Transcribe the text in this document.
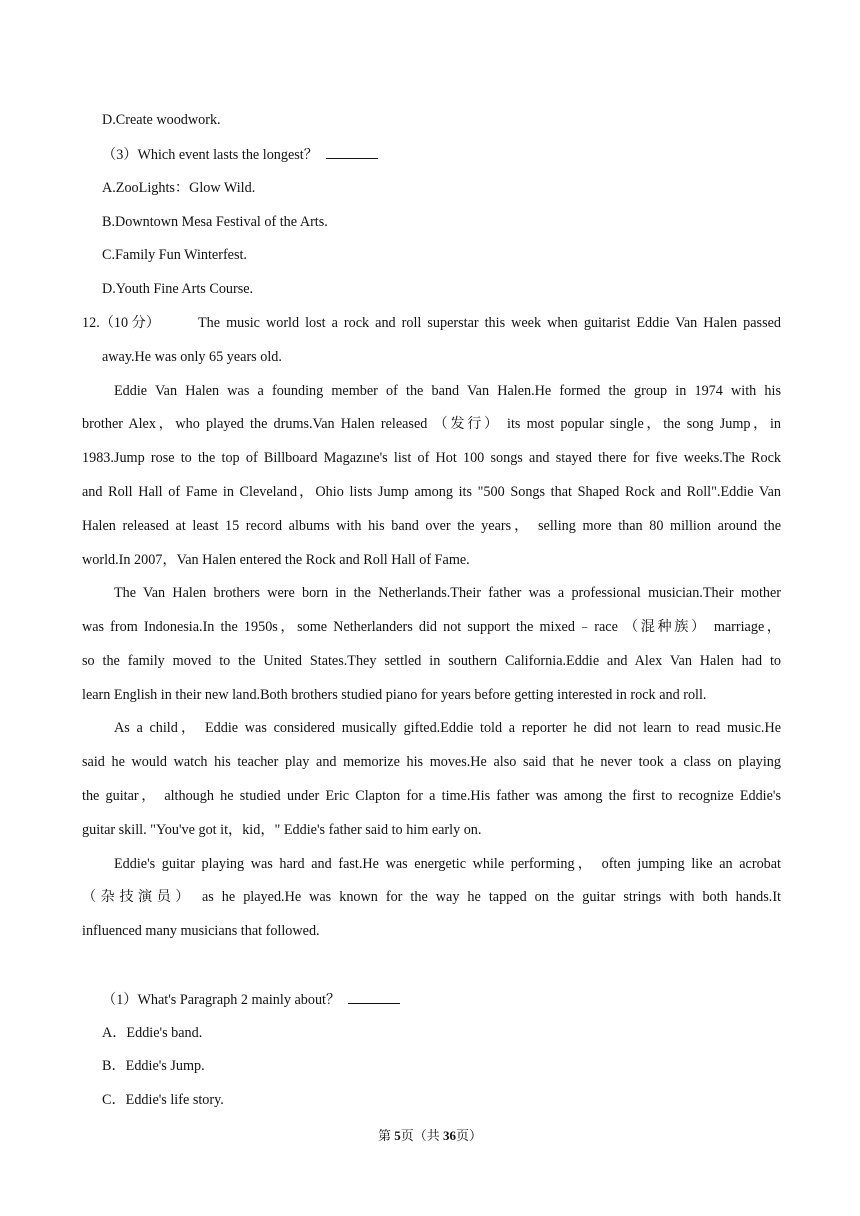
D.Create woodwork.
（3）Which event lasts the longest？
A.ZooLights：Glow Wild.
B.Downtown Mesa Festival of the Arts.
C.Family Fun Winterfest.
D.Youth Fine Arts Course.
12.（10 分）	The music world lost a rock and roll superstar this week when guitarist Eddie Van Halen passed
away.He was only 65 years old.
Eddie Van Halen was a founding member of the band Van Halen.He formed the group in 1974 with his
brother Alex，who played the drums.Van Halen released （发行） its most popular single，the song Jump，in
1983.Jump rose to the top of Billboard Magazıne's list of Hot 100 songs and stayed there for five weeks.The Rock
and Roll Hall of Fame in Cleveland，Ohio lists Jump among its "500 Songs that Shaped Rock and Roll".Eddie Van
Halen released at least 15 record albums with his band over the years， selling more than 80 million around the
world.In 2007，Van Halen entered the Rock and Roll Hall of Fame.
The Van Halen brothers were born in the Netherlands.Their father was a professional musician.Their mother
was from Indonesia.In the 1950s，some Netherlanders did not support the mixed﹣race （混种族） marriage，
so the family moved to the United States.They settled in southern California.Eddie and Alex Van Halen had to
learn English in their new land.Both brothers studied piano for years before getting interested in rock and roll.
As a child， Eddie was considered musically gifted.Eddie told a reporter he did not learn to read music.He
said he would watch his teacher play and memorize his moves.He also said that he never took a class on playing
the guitar， although he studied under Eric Clapton for a time.His father was among the first to recognize Eddie's
guitar skill. "You've got it，kid，" Eddie's father said to him early on.
Eddie's guitar playing was hard and fast.He was energetic while performing， often jumping like an acrobat
（杂技演员） as he played.He was known for the way he tapped on the guitar strings with both hands.It
influenced many musicians that followed.
（1）What's Paragraph 2 mainly about？
A．Eddie's band.
B．Eddie's Jump.
C．Eddie's life story.
第 5页（共 36页）
